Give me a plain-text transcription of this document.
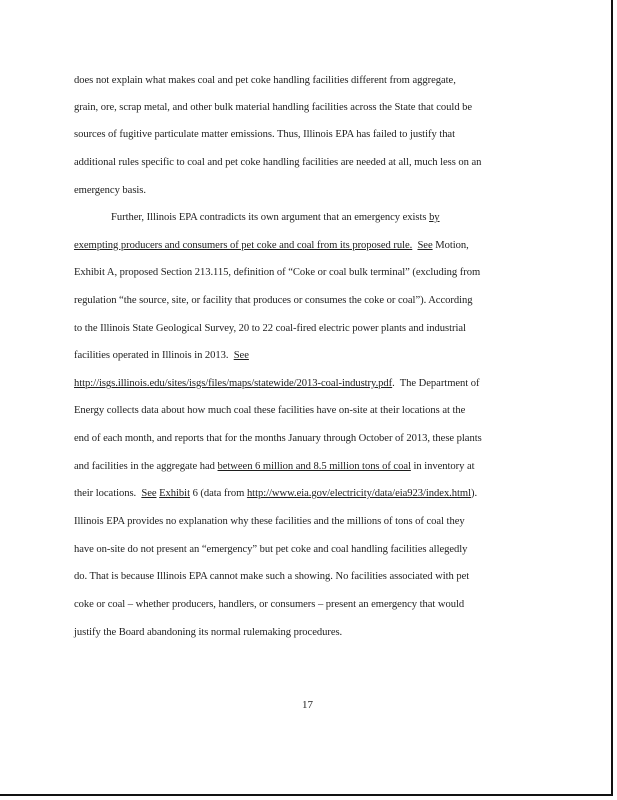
does not explain what makes coal and pet coke handling facilities different from aggregate,
grain, ore, scrap metal, and other bulk material handling facilities across the State that could be
sources of fugitive particulate matter emissions. Thus, Illinois EPA has failed to justify that
additional rules specific to coal and pet coke handling facilities are needed at all, much less on an
emergency basis.
Further, Illinois EPA contradicts its own argument that an emergency exists by
exempting producers and consumers of pet coke and coal from its proposed rule. See Motion,
Exhibit A, proposed Section 213.115, definition of “Coke or coal bulk terminal” (excluding from
regulation “the source, site, or facility that produces or consumes the coke or coal”). According
to the Illinois State Geological Survey, 20 to 22 coal-fired electric power plants and industrial
facilities operated in Illinois in 2013.  See
http://isgs.illinois.edu/sites/isgs/files/maps/statewide/2013-coal-industry.pdf.  The Department of
Energy collects data about how much coal these facilities have on-site at their locations at the
end of each month, and reports that for the months January through October of 2013, these plants
and facilities in the aggregate had between 6 million and 8.5 million tons of coal in inventory at
their locations.  See Exhibit 6 (data from http://www.eia.gov/electricity/data/eia923/index.html).
Illinois EPA provides no explanation why these facilities and the millions of tons of coal they
have on-site do not present an “emergency” but pet coke and coal handling facilities allegedly
do. That is because Illinois EPA cannot make such a showing. No facilities associated with pet
coke or coal – whether producers, handlers, or consumers – present an emergency that would
justify the Board abandoning its normal rulemaking procedures.
17
